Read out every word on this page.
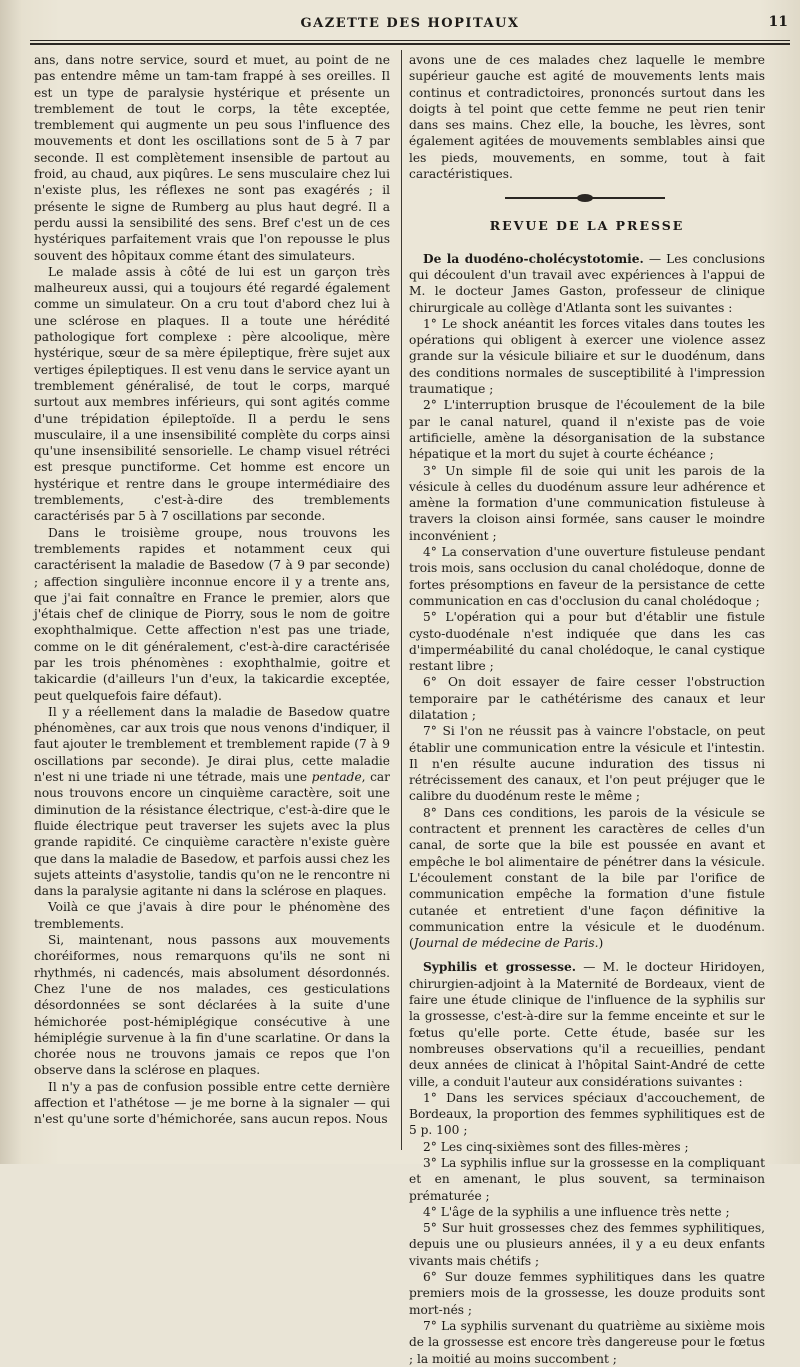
GAZETTE DES HOPITAUX	11

ans, dans notre service, sourd et muet, au point de ne pas entendre même un tam-tam frappé à ses oreilles. Il est un type de paralysie hystérique et présente un tremblement de tout le corps, la tête exceptée, tremblement qui augmente un peu sous l'influence des mouvements et dont les oscillations sont de 5 à 7 par seconde. Il est complètement insensible de partout au froid, au chaud, aux piqûres. Le sens musculaire chez lui n'existe plus, les réflexes ne sont pas exagérés ; il présente le signe de Rumberg au plus haut degré. Il a perdu aussi la sensibilité des sens. Bref c'est un de ces hystériques parfaitement vrais que l'on repousse le plus souvent des hôpitaux comme étant des simulateurs.

Le malade assis à côté de lui est un garçon très malheureux aussi, qui a toujours été regardé également comme un simulateur. On a cru tout d'abord chez lui à une sclérose en plaques. Il a toute une hérédité pathologique fort complexe : père alcoolique, mère hystérique, sœur de sa mère épileptique, frère sujet aux vertiges épileptiques. Il est venu dans le service ayant un tremblement généralisé, de tout le corps, marqué surtout aux membres inférieurs, qui sont agités comme d'une trépidation épileptoïde. Il a perdu le sens musculaire, il a une insensibilité complète du corps ainsi qu'une insensibilité sensorielle. Le champ visuel rétréci est presque punctiforme. Cet homme est encore un hystérique et rentre dans le groupe intermédiaire des tremblements, c'est-à-dire des tremblements caractérisés par 5 à 7 oscillations par seconde.

Dans le troisième groupe, nous trouvons les tremblements rapides et notamment ceux qui caractérisent la maladie de Basedow (7 à 9 par seconde) ; affection singulière inconnue encore il y a trente ans, que j'ai fait connaître en France le premier, alors que j'étais chef de clinique de Piorry, sous le nom de goitre exophthalmique. Cette affection n'est pas une triade, comme on le dit généralement, c'est-à-dire caractérisée par les trois phénomènes : exophthalmie, goitre et takicardie (d'ailleurs l'un d'eux, la takicardie exceptée, peut quelquefois faire défaut).

Il y a réellement dans la maladie de Basedow quatre phénomènes, car aux trois que nous venons d'indiquer, il faut ajouter le tremblement et tremblement rapide (7 à 9 oscillations par seconde). Je dirai plus, cette maladie n'est ni une triade ni une tétrade, mais une pentade, car nous trouvons encore un cinquième caractère, soit une diminution de la résistance électrique, c'est-à-dire que le fluide électrique peut traverser les sujets avec la plus grande rapidité. Ce cinquième caractère n'existe guère que dans la maladie de Basedow, et parfois aussi chez les sujets atteints d'asystolie, tandis qu'on ne le rencontre ni dans la paralysie agitante ni dans la sclérose en plaques.

Voilà ce que j'avais à dire pour le phénomène des tremblements.

Si, maintenant, nous passons aux mouvements choréiformes, nous remarquons qu'ils ne sont ni rhythmés, ni cadencés, mais absolument désordonnés. Chez l'une de nos malades, ces gesticulations désordonnées se sont déclarées à la suite d'une hémichorée post-hémiplégique consécutive à une hémiplégie survenue à la fin d'une scarlatine. Or dans la chorée nous ne trouvons jamais ce repos que l'on observe dans la sclérose en plaques.

Il n'y a pas de confusion possible entre cette dernière affection et l'athétose — je me borne à la signaler — qui n'est qu'une sorte d'hémichorée, sans aucun repos. Nous

avons une de ces malades chez laquelle le membre supérieur gauche est agité de mouvements lents mais continus et contradictoires, prononcés surtout dans les doigts à tel point que cette femme ne peut rien tenir dans ses mains. Chez elle, la bouche, les lèvres, sont également agitées de mouvements semblables ainsi que les pieds, mouvements, en somme, tout à fait caractéristiques.

REVUE DE LA PRESSE

De la duodéno-cholécystotomie. — Les conclusions qui découlent d'un travail avec expériences à l'appui de M. le docteur James Gaston, professeur de clinique chirurgicale au collège d'Atlanta sont les suivantes :

1° Le shock anéantit les forces vitales dans toutes les opérations qui obligent à exercer une violence assez grande sur la vésicule biliaire et sur le duodénum, dans des conditions normales de susceptibilité à l'impression traumatique ;

2° L'interruption brusque de l'écoulement de la bile par le canal naturel, quand il n'existe pas de voie artificielle, amène la désorganisation de la substance hépatique et la mort du sujet à courte échéance ;

3° Un simple fil de soie qui unit les parois de la vésicule à celles du duodénum assure leur adhérence et amène la formation d'une communication fistuleuse à travers la cloison ainsi formée, sans causer le moindre inconvénient ;

4° La conservation d'une ouverture fistuleuse pendant trois mois, sans occlusion du canal cholédoque, donne de fortes présomptions en faveur de la persistance de cette communication en cas d'occlusion du canal cholédoque ;

5° L'opération qui a pour but d'établir une fistule cysto-duodénale n'est indiquée que dans les cas d'imperméabilité du canal cholédoque, le canal cystique restant libre ;

6° On doit essayer de faire cesser l'obstruction temporaire par le cathétérisme des canaux et leur dilatation ;

7° Si l'on ne réussit pas à vaincre l'obstacle, on peut établir une communication entre la vésicule et l'intestin. Il n'en résulte aucune induration des tissus ni rétrécissement des canaux, et l'on peut préjuger que le calibre du duodénum reste le même ;

8° Dans ces conditions, les parois de la vésicule se contractent et prennent les caractères de celles d'un canal, de sorte que la bile est poussée en avant et empêche le bol alimentaire de pénétrer dans la vésicule. L'écoulement constant de la bile par l'orifice de communication empêche la formation d'une fistule cutanée et entretient d'une façon définitive la communication entre la vésicule et le duodénum. (Journal de médecine de Paris.)

Syphilis et grossesse. — M. le docteur Hiridoyen, chirurgien-adjoint à la Maternité de Bordeaux, vient de faire une étude clinique de l'influence de la syphilis sur la grossesse, c'est-à-dire sur la femme enceinte et sur le fœtus qu'elle porte. Cette étude, basée sur les nombreuses observations qu'il a recueillies, pendant deux années de clinicat à l'hôpital Saint-André de cette ville, a conduit l'auteur aux considérations suivantes :

1° Dans les services spéciaux d'accouchement, de Bordeaux, la proportion des femmes syphilitiques est de 5 p. 100 ;

2° Les cinq-sixièmes sont des filles-mères ;

3° La syphilis influe sur la grossesse en la compliquant et en amenant, le plus souvent, sa terminaison prématurée ;

4° L'âge de la syphilis a une influence très nette ;

5° Sur huit grossesses chez des femmes syphilitiques, depuis une ou plusieurs années, il y a eu deux enfants vivants mais chétifs ;

6° Sur douze femmes syphilitiques dans les quatre premiers mois de la grossesse, les douze produits sont mort-nés ;

7° La syphilis survenant du quatrième au sixième mois de la grossesse est encore très dangereuse pour le fœtus ; la moitié au moins succombent ;
